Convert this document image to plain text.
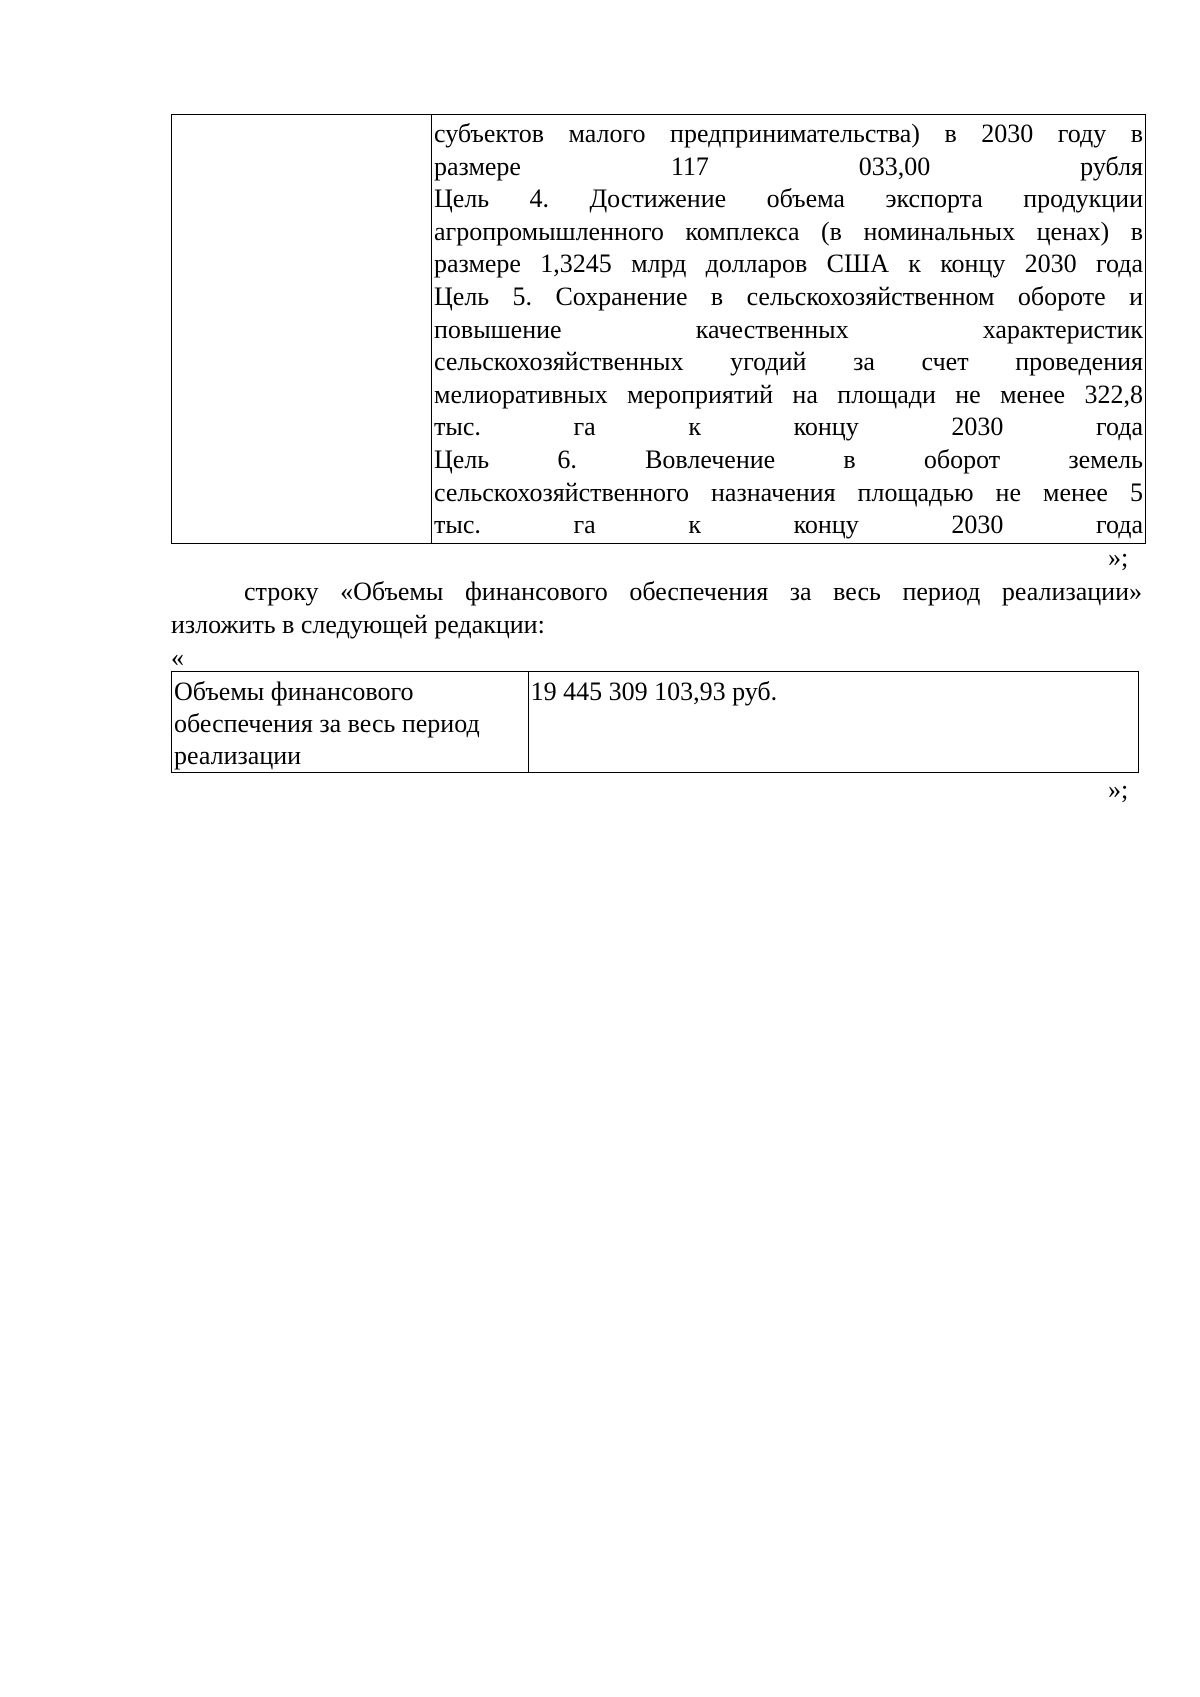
субъектов малого предпринимательства) в 2030 году в
размере 117 033,00 рубля
Цель 4. Достижение объема экспорта продукции
агропромышленного комплекса (в номинальных ценах) в
размере 1,3245 млрд долларов США к концу 2030 года
Цель 5. Сохранение в сельскохозяйственном обороте и
повышение качественных характеристик
сельскохозяйственных угодий за счет проведения
мелиоративных мероприятий на площади не менее 322,8
тыс. га к концу 2030 года
Цель 6. Вовлечение в оборот земель
сельскохозяйственного назначения площадью не менее 5
тыс. га к концу 2030 года
»;
строку «Объемы финансового обеспечения за весь период реализации»
изложить в следующей редакции:
«
Объемы финансового
обеспечения за весь период
реализации
	19 445 309 103,93 руб.
»;
